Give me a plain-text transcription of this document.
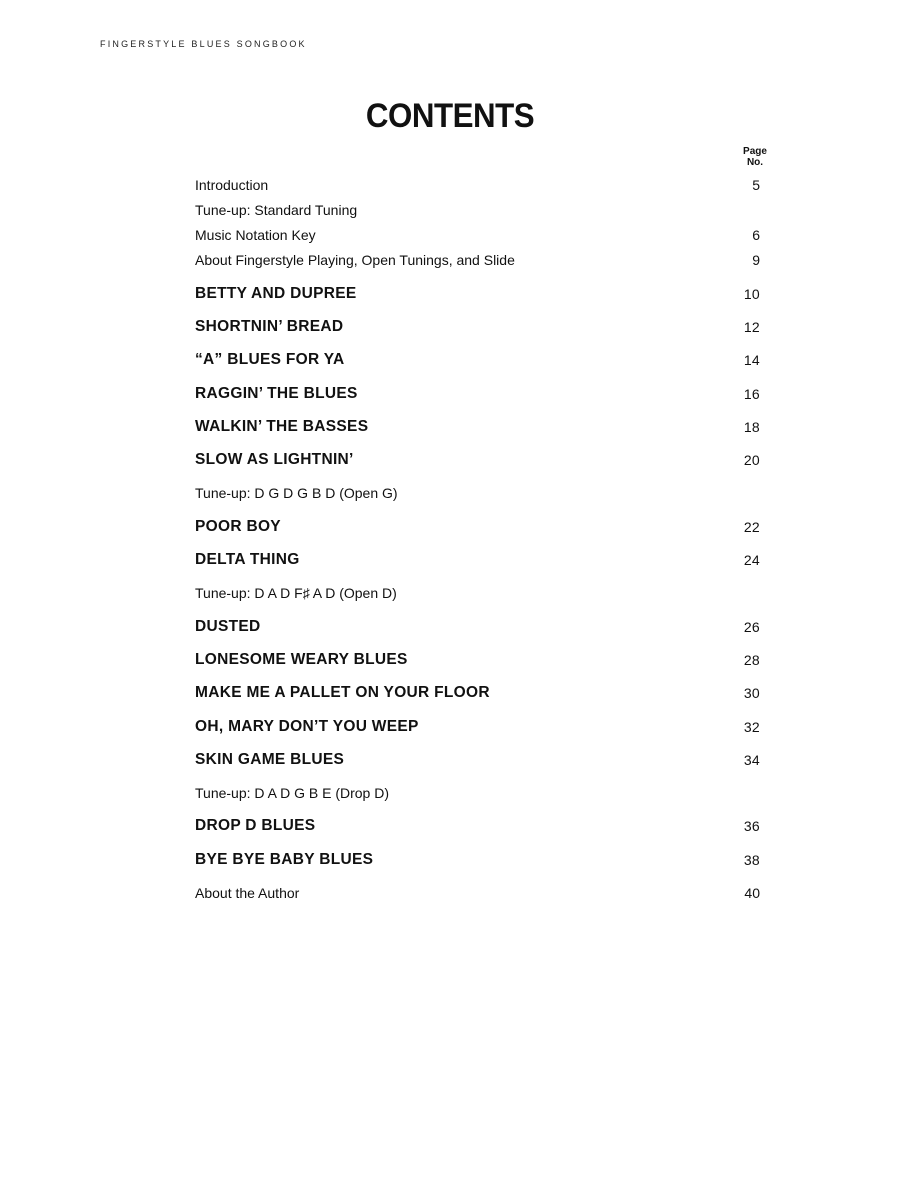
FINGERSTYLE BLUES SONGBOOK
CONTENTS
Page
No.
Introduction	5
Tune-up: Standard Tuning
Music Notation Key	6
About Fingerstyle Playing, Open Tunings, and Slide	9
BETTY AND DUPREE	10
SHORTNIN’ BREAD	12
“A” BLUES FOR YA	14
RAGGIN’ THE BLUES	16
WALKIN’ THE BASSES	18
SLOW AS LIGHTNIN’	20
Tune-up: D G D G B D (Open G)
POOR BOY	22
DELTA THING	24
Tune-up: D A D F♯ A D (Open D)
DUSTED	26
LONESOME WEARY BLUES	28
MAKE ME A PALLET ON YOUR FLOOR	30
OH, MARY DON’T YOU WEEP	32
SKIN GAME BLUES	34
Tune-up: D A D G B E (Drop D)
DROP D BLUES	36
BYE BYE BABY BLUES	38
About the Author	40
